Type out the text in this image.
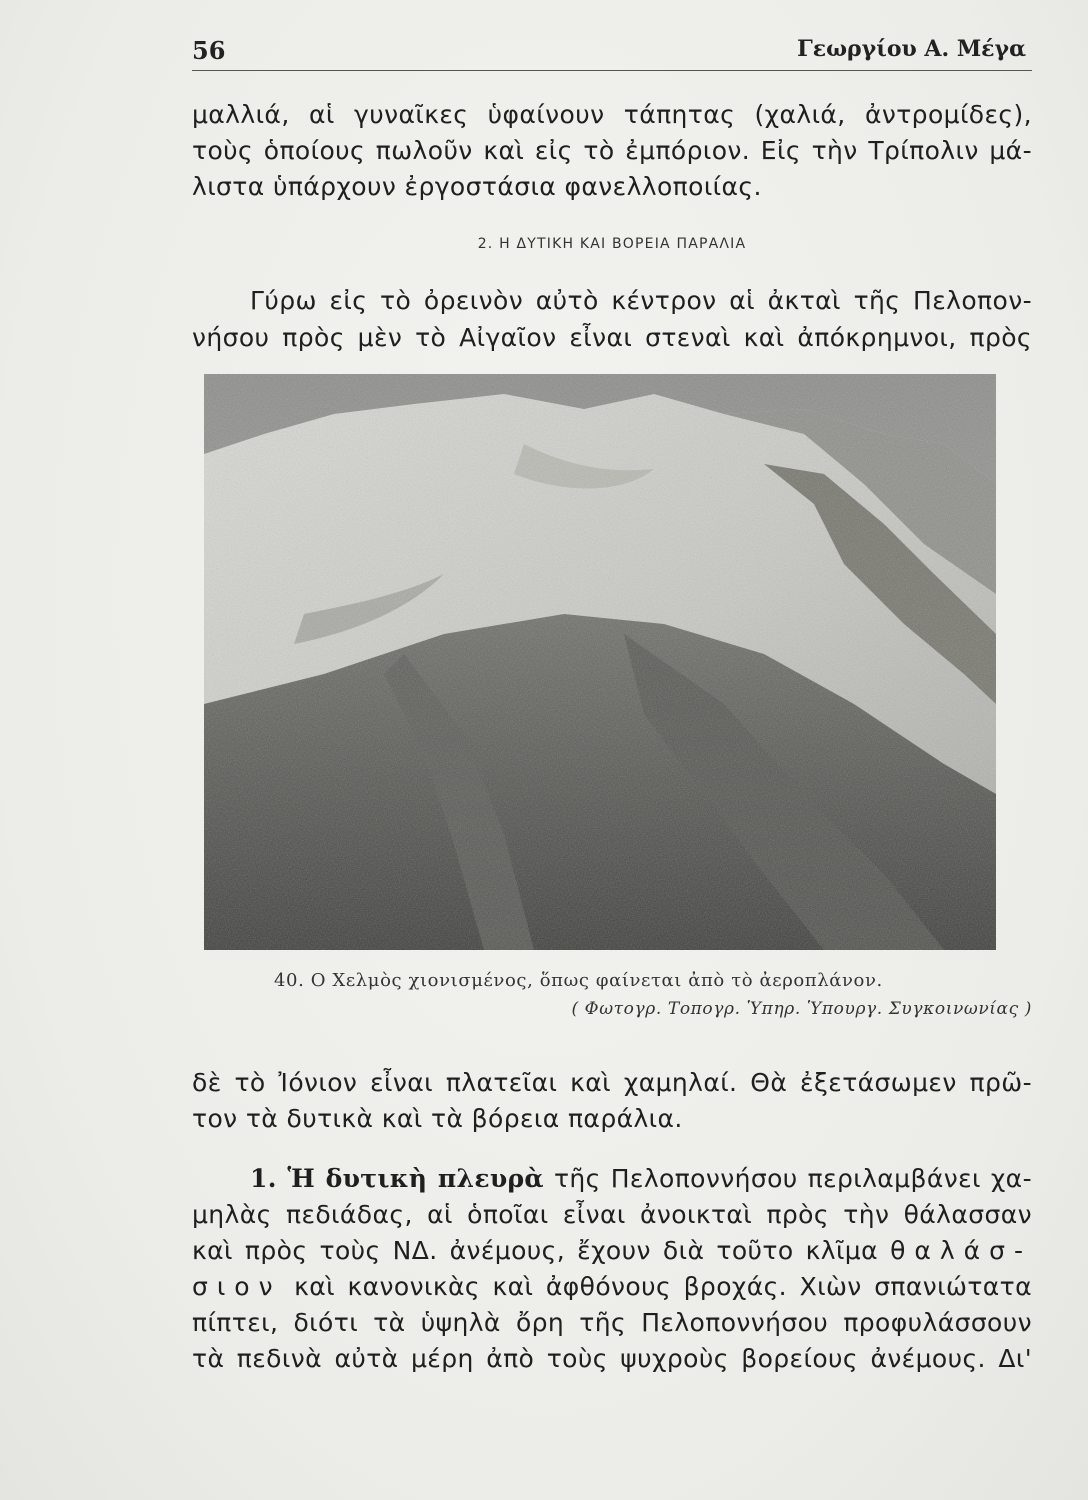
56	Γεωργίου Α. Μέγα
μαλλιά, αἱ γυναῖκες ὑφαίνουν τάπητας (χαλιά, ἀντρομίδες),
τοὺς ὁποίους πωλοῦν καὶ εἰς τὸ ἐμπόριον. Εἰς τὴν Τρίπολιν μά-
λιστα ὑπάρχουν ἐργοστάσια φανελλοποιίας.
2. Η ΔΥΤΙΚΗ ΚΑΙ ΒΟΡΕΙΑ ΠΑΡΑΛΙΑ
Γύρω εἰς τὸ ὀρεινὸν αὐτὸ κέντρον αἱ ἀκταὶ τῆς Πελοπον-
νήσου πρὸς μὲν τὸ Αἰγαῖον εἶναι στεναὶ καὶ ἀπόκρημνοι, πρὸς
40. Ο Χελμὸς χιονισμένος, ὅπως φαίνεται ἀπὸ τὸ ἀεροπλάνον.
( Φωτογρ. Τοπογρ. Ὑπηρ. Ὑπουργ. Συγκοινωνίας )
δὲ τὸ Ἰόνιον εἶναι πλατεῖαι καὶ χαμηλαί. Θὰ ἐξετάσωμεν πρῶ-
τον τὰ δυτικὰ καὶ τὰ βόρεια παράλια.
1. Ἡ δυτικὴ πλευρὰ τῆς Πελοποννήσου περιλαμβάνει χα-
μηλὰς πεδιάδας, αἱ ὁποῖαι εἶναι ἀνοικταὶ πρὸς τὴν θάλασσαν
καὶ πρὸς τοὺς ΝΔ. ἀνέμους, ἔχουν διὰ τοῦτο κλῖμα θαλάσ-
σιον καὶ κανονικὰς καὶ ἀφθόνους βροχάς. Χιὼν σπανιώτατα
πίπτει, διότι τὰ ὑψηλὰ ὄρη τῆς Πελοποννήσου προφυλάσσουν
τὰ πεδινὰ αὐτὰ μέρη ἀπὸ τοὺς ψυχροὺς βορείους ἀνέμους. Δι'
